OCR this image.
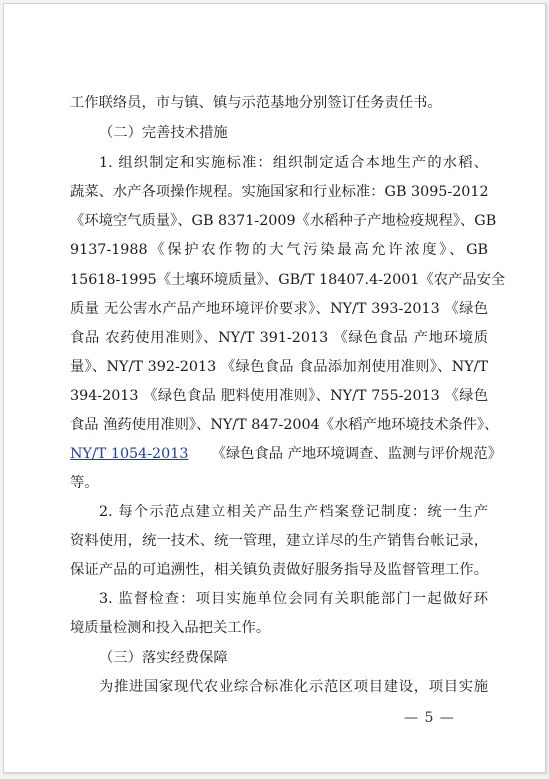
工作联络员，市与镇、镇与示范基地分别签订任务责任书。
（二）完善技术措施
1. 组织制定和实施标准：组织制定适合本地生产的水稻、
蔬菜、水产各项操作规程。实施国家和行业标准：GB 3095-2012
《环境空气质量》、GB 8371-2009《水稻种子产地检疫规程》、GB
9137-1988《保护农作物的大气污染最高允许浓度》、GB
15618-1995《土壤环境质量》、GB/T 18407.4-2001《农产品安全
质量 无公害水产品产地环境评价要求》、NY/T 393-2013 《绿色
食品 农药使用准则》、NY/T 391-2013 《绿色食品 产地环境质
量》、NY/T 392-2013 《绿色食品 食品添加剂使用准则》、NY/T
394-2013 《绿色食品 肥料使用准则》、NY/T 755-2013 《绿色
食品 渔药使用准则》、NY/T 847-2004《水稻产地环境技术条件》、
NY/T 1054-2013 《绿色食品 产地环境调查、监测与评价规范》
等。
2. 每个示范点建立相关产品生产档案登记制度：统一生产
资料使用，统一技术、统一管理，建立详尽的生产销售台帐记录，
保证产品的可追溯性，相关镇负责做好服务指导及监督管理工作。
3. 监督检查：项目实施单位会同有关职能部门一起做好环
境质量检测和投入品把关工作。
（三）落实经费保障
为推进国家现代农业综合标准化示范区项目建设，项目实施
— 5 —
